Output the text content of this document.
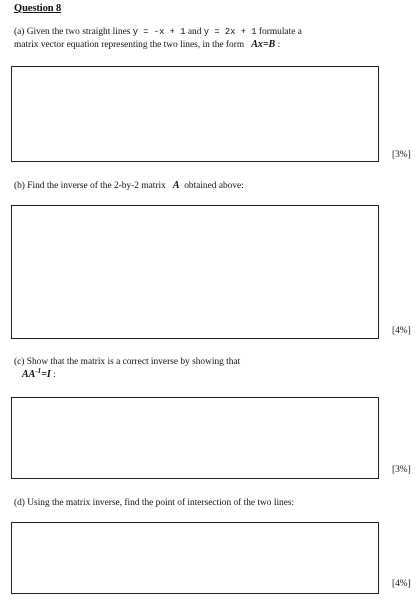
Question 8
(a) Given the two straight lines y = -x + 1 and y = 2x + 1 formulate a
matrix vector equation representing the two lines, in the form Ax=B :
[3%]
(b) Find the inverse of the 2-by-2 matrix A obtained above:
[4%]
(c) Show that the matrix is a correct inverse by showing that
$AA^{-1}=I$ :
[3%]
(d) Using the matrix inverse, find the point of intersection of the two lines:
[4%]
